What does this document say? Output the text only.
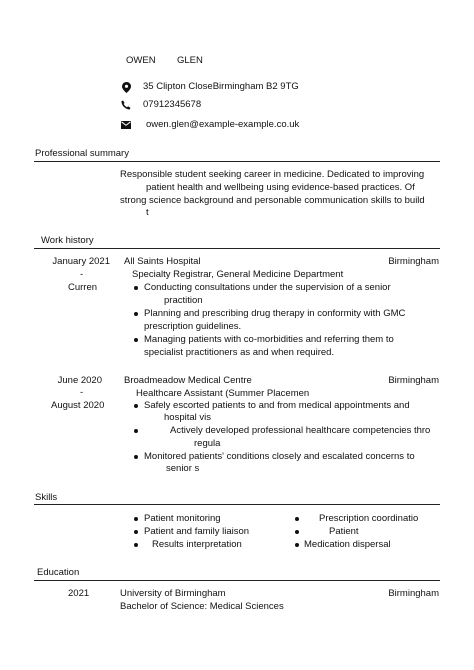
OWEN GLEN
35 Clipton CloseBirmingham B2 9TG
07912345678
owen.glen@example-example.co.uk
Professional summary
Responsible student seeking career in medicine. Dedicated to improving
patient health and wellbeing using evidence-based practices. Of
strong science background and personable communication skills to build
t
Work history
January 2021
-
Curren
All Saints Hospital	Birmingham
Specialty Registrar, General Medicine Department
Conducting consultations under the supervision of a senior
practition
Planning and prescribing drug therapy in conformity with GMC
prescription guidelines.
Managing patients with co-morbidities and referring them to
specialist practitioners as and when required.
June 2020
-
August 2020
Broadmeadow Medical Centre	Birmingham
Healthcare Assistant (Summer Placemen
Safely escorted patients to and from medical appointments and
hospital vis
Actively developed professional healthcare competencies thro
regula
Monitored patients' conditions closely and escalated concerns to
senior s
Skills
Patient monitoring
Patient and family liaison
Results interpretation
Prescription coordinatio
Patient
Medication dispersal
Education
2021	University of Birmingham	Birmingham
Bachelor of Science: Medical Sciences
